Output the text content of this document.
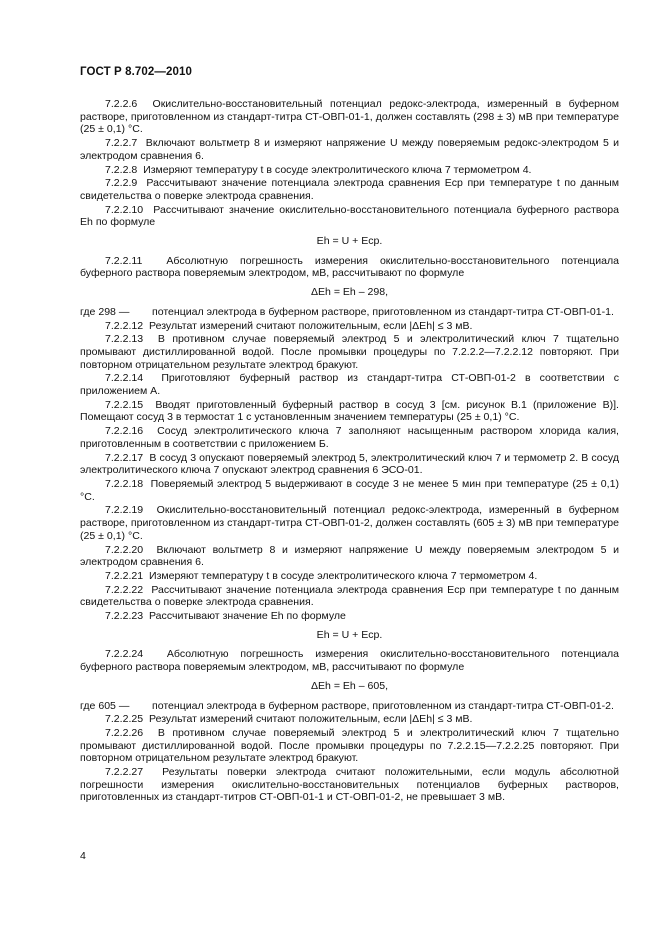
ГОСТ Р 8.702—2010

7.2.2.6 Окислительно-восстановительный потенциал редокс-электрода, измеренный в буферном растворе, приготовленном из стандарт-титра СТ-ОВП-01-1, должен составлять (298 ± 3) мВ при температуре (25 ± 0,1) °С.

7.2.2.7 Включают вольтметр 8 и измеряют напряжение U между поверяемым редокс-электродом 5 и электродом сравнения 6.

7.2.2.8 Измеряют температуру t в сосуде электролитического ключа 7 термометром 4.

7.2.2.9 Рассчитывают значение потенциала электрода сравнения Eср при температуре t по данным свидетельства о поверке электрода сравнения.

7.2.2.10 Рассчитывают значение окислительно-восстановительного потенциала буферного раствора Eh по формуле

Eh = U + Eср.

7.2.2.11 Абсолютную погрешность измерения окислительно-восстановительного потенциала буферного раствора поверяемым электродом, мВ, рассчитывают по формуле

ΔEh = Eh – 298,

где 298 —	потенциал электрода в буферном растворе, приготовленном из стандарт-титра СТ-ОВП-01-1.

7.2.2.12 Результат измерений считают положительным, если |ΔEh| ≤ 3 мВ.

7.2.2.13 В противном случае поверяемый электрод 5 и электролитический ключ 7 тщательно промывают дистиллированной водой. После промывки процедуры по 7.2.2.2—7.2.2.12 повторяют. При повторном отрицательном результате электрод бракуют.

7.2.2.14 Приготовляют буферный раствор из стандарт-титра СТ-ОВП-01-2 в соответствии с приложением А.

7.2.2.15 Вводят приготовленный буферный раствор в сосуд 3 [см. рисунок В.1 (приложение В)]. Помещают сосуд 3 в термостат 1 с установленным значением температуры (25 ± 0,1) °С.

7.2.2.16 Сосуд электролитического ключа 7 заполняют насыщенным раствором хлорида калия, приготовленным в соответствии с приложением Б.

7.2.2.17 В сосуд 3 опускают поверяемый электрод 5, электролитический ключ 7 и термометр 2. В сосуд электролитического ключа 7 опускают электрод сравнения 6 ЭСО-01.

7.2.2.18 Поверяемый электрод 5 выдерживают в сосуде 3 не менее 5 мин при температуре (25 ± 0,1) °С.

7.2.2.19 Окислительно-восстановительный потенциал редокс-электрода, измеренный в буферном растворе, приготовленном из стандарт-титра СТ-ОВП-01-2, должен составлять (605 ± 3) мВ при температуре (25 ± 0,1) °С.

7.2.2.20 Включают вольтметр 8 и измеряют напряжение U между поверяемым электродом 5 и электродом сравнения 6.

7.2.2.21 Измеряют температуру t в сосуде электролитического ключа 7 термометром 4.

7.2.2.22 Рассчитывают значение потенциала электрода сравнения Eср при температуре t по данным свидетельства о поверке электрода сравнения.

7.2.2.23 Рассчитывают значение Eh по формуле

Eh = U + Eср.

7.2.2.24 Абсолютную погрешность измерения окислительно-восстановительного потенциала буферного раствора поверяемым электродом, мВ, рассчитывают по формуле

ΔEh = Eh – 605,

где 605 —	потенциал электрода в буферном растворе, приготовленном из стандарт-титра СТ-ОВП-01-2.

7.2.2.25 Результат измерений считают положительным, если |ΔEh| ≤ 3 мВ.

7.2.2.26 В противном случае поверяемый электрод 5 и электролитический ключ 7 тщательно промывают дистиллированной водой. После промывки процедуры по 7.2.2.15—7.2.2.25 повторяют. При повторном отрицательном результате электрод бракуют.

7.2.2.27 Результаты поверки электрода считают положительными, если модуль абсолютной погрешности измерения окислительно-восстановительных потенциалов буферных растворов, приготовленных из стандарт-титров СТ-ОВП-01-1 и СТ-ОВП-01-2, не превышает 3 мВ.

4
